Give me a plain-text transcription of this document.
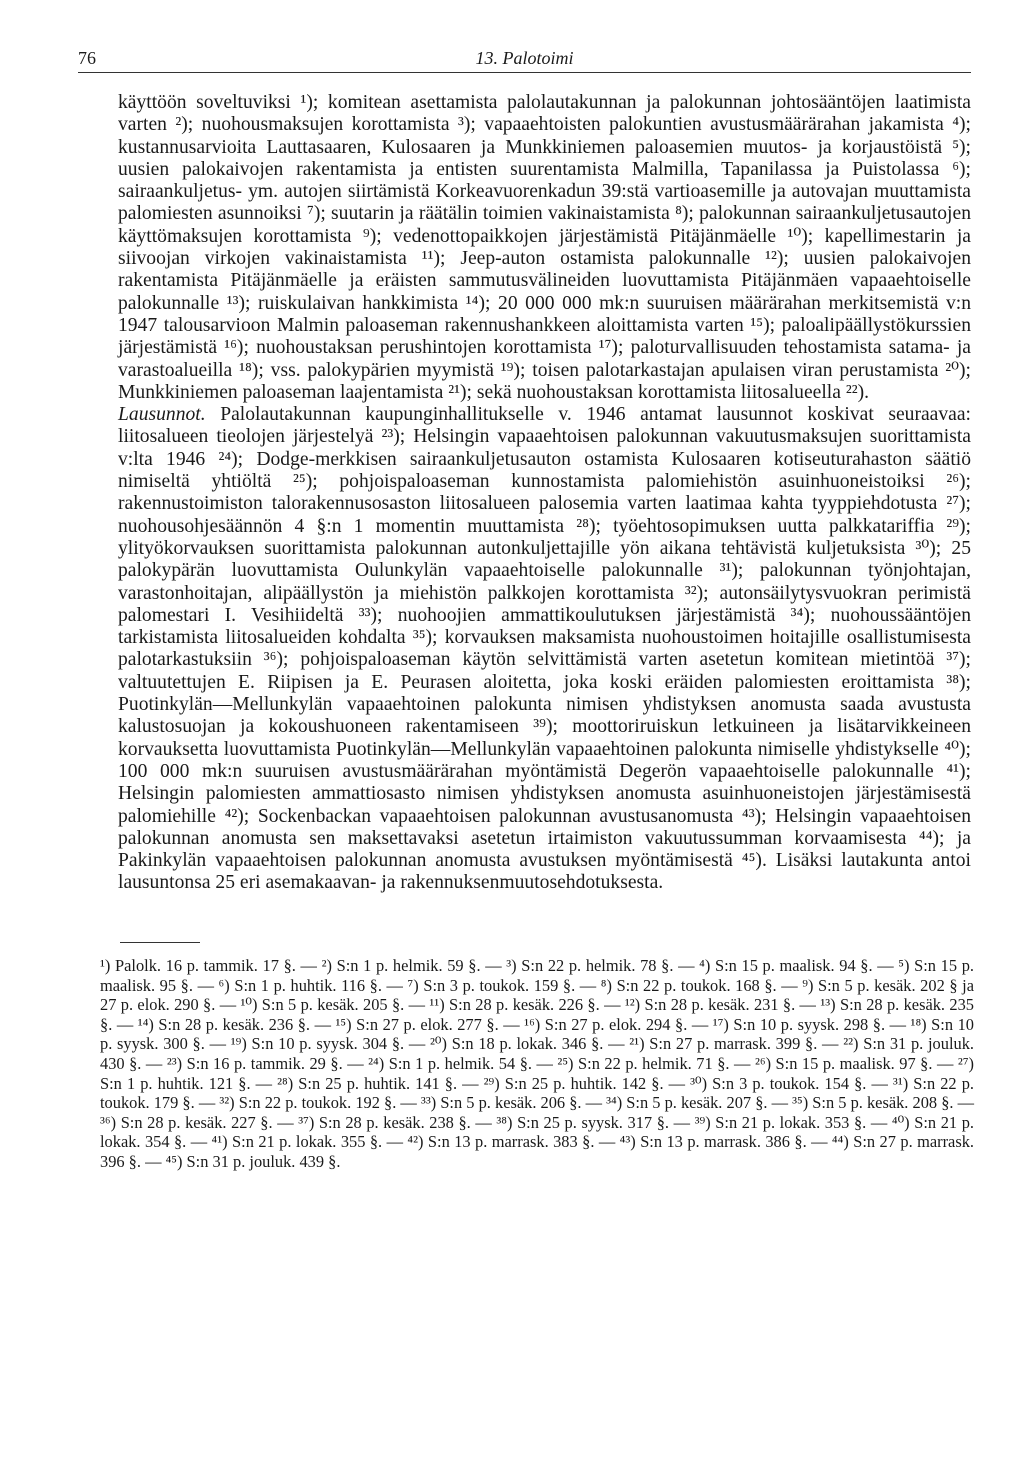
76	13. Palotoimi

käyttöön soveltuviksi ¹); komitean asettamista palolautakunnan ja palokunnan johtosääntöjen laatimista varten ²); nuohousmaksujen korottamista ³); vapaaehtoisten palokuntien avustusmäärärahan jakamista ⁴); kustannusarvioita Lauttasaaren, Kulosaaren ja Munkkiniemen paloasemien muutos- ja korjaustöistä ⁵); uusien palokaivojen rakentamista ja entisten suurentamista Malmilla, Tapanilassa ja Puistolassa ⁶); sairaankuljetus- ym. autojen siirtämistä Korkeavuorenkadun 39:stä vartioasemille ja autovajan muuttamista palomiesten asunnoiksi ⁷); suutarin ja räätälin toimien vakinaistamista ⁸); palokunnan sairaankuljetusautojen käyttömaksujen korottamista ⁹); vedenottopaikkojen järjestämistä Pitäjänmäelle ¹⁰); kapellimestarin ja siivoojan virkojen vakinaistamista ¹¹); Jeep-auton ostamista palokunnalle ¹²); uusien palokaivojen rakentamista Pitäjänmäelle ja eräisten sammutusvälineiden luovuttamista Pitäjänmäen vapaaehtoiselle palokunnalle ¹³); ruiskulaivan hankkimista ¹⁴); 20 000 000 mk:n suuruisen määrärahan merkitsemistä v:n 1947 talousarvioon Malmin paloaseman rakennushankkeen aloittamista varten ¹⁵); paloalipäällystökurssien järjestämistä ¹⁶); nuohoustaksan perushintojen korottamista ¹⁷); paloturvallisuuden tehostamista satama- ja varastoalueilla ¹⁸); vss. palokypärien myymistä ¹⁹); toisen palotarkastajan apulaisen viran perustamista ²⁰); Munkkiniemen paloaseman laajentamista ²¹); sekä nuohoustaksan korottamista liitosalueella ²²).

Lausunnot. Palolautakunnan kaupunginhallitukselle v. 1946 antamat lausunnot koskivat seuraavaa: liitosalueen tieolojen järjestelyä ²³); Helsingin vapaaehtoisen palokunnan vakuutusmaksujen suorittamista v:lta 1946 ²⁴); Dodge-merkkisen sairaankuljetusauton ostamista Kulosaaren kotiseuturahaston säätiö nimiseltä yhtiöltä ²⁵); pohjoispaloaseman kunnostamista palomiehistön asuinhuoneistoiksi ²⁶); rakennustoimiston talorakennusosaston liitosalueen palosemia varten laatimaa kahta tyyppiehdotusta ²⁷); nuohousohjesäännön 4 §:n 1 momentin muuttamista ²⁸); työehtosopimuksen uutta palkkatariffia ²⁹); ylityökorvauksen suorittamista palokunnan autonkuljettajille yön aikana tehtävistä kuljetuksista ³⁰); 25 palokypärän luovuttamista Oulunkylän vapaaehtoiselle palokunnalle ³¹); palokunnan työnjohtajan, varastonhoitajan, alipäällystön ja miehistön palkkojen korottamista ³²); autonsäilytysvuokran perimistä palomestari I. Vesihiideltä ³³); nuohoojien ammattikoulutuksen järjestämistä ³⁴); nuohoussääntöjen tarkistamista liitosalueiden kohdalta ³⁵); korvauksen maksamista nuohoustoimen hoitajille osallistumisesta palotarkastuksiin ³⁶); pohjoispaloaseman käytön selvittämistä varten asetetun komitean mietintöä ³⁷); valtuutettujen E. Riipisen ja E. Peurasen aloitetta, joka koski eräiden palomiesten eroittamista ³⁸); Puotinkylän—Mellunkylän vapaaehtoinen palokunta nimisen yhdistyksen anomusta saada avustusta kalustosuojan ja kokoushuoneen rakentamiseen ³⁹); moottoriruiskun letkuineen ja lisätarvikkeineen korvauksetta luovuttamista Puotinkylän—Mellunkylän vapaaehtoinen palokunta nimiselle yhdistykselle ⁴⁰); 100 000 mk:n suuruisen avustusmäärärahan myöntämistä Degerön vapaaehtoiselle palokunnalle ⁴¹); Helsingin palomiesten ammattiosasto nimisen yhdistyksen anomusta asuinhuoneistojen järjestämisestä palomiehille ⁴²); Sockenbackan vapaaehtoisen palokunnan avustusanomusta ⁴³); Helsingin vapaaehtoisen palokunnan anomusta sen maksettavaksi asetetun irtaimiston vakuutussumman korvaamisesta ⁴⁴); ja Pakinkylän vapaaehtoisen palokunnan anomusta avustuksen myöntämisestä ⁴⁵). Lisäksi lautakunta antoi lausuntonsa 25 eri asemakaavan- ja rakennuksenmuutosehdotuksesta.

¹) Palolk. 16 p. tammik. 17 §. — ²) S:n 1 p. helmik. 59 §. — ³) S:n 22 p. helmik. 78 §. — ⁴) S:n 15 p. maalisk. 94 §. — ⁵) S:n 15 p. maalisk. 95 §. — ⁶) S:n 1 p. huhtik. 116 §. — ⁷) S:n 3 p. toukok. 159 §. — ⁸) S:n 22 p. toukok. 168 §. — ⁹) S:n 5 p. kesäk. 202 § ja 27 p. elok. 290 §. — ¹⁰) S:n 5 p. kesäk. 205 §. — ¹¹) S:n 28 p. kesäk. 226 §. — ¹²) S:n 28 p. kesäk. 231 §. — ¹³) S:n 28 p. kesäk. 235 §. — ¹⁴) S:n 28 p. kesäk. 236 §. — ¹⁵) S:n 27 p. elok. 277 §. — ¹⁶) S:n 27 p. elok. 294 §. — ¹⁷) S:n 10 p. syysk. 298 §. — ¹⁸) S:n 10 p. syysk. 300 §. — ¹⁹) S:n 10 p. syysk. 304 §. — ²⁰) S:n 18 p. lokak. 346 §. — ²¹) S:n 27 p. marrask. 399 §. — ²²) S:n 31 p. jouluk. 430 §. — ²³) S:n 16 p. tammik. 29 §. — ²⁴) S:n 1 p. helmik. 54 §. — ²⁵) S:n 22 p. helmik. 71 §. — ²⁶) S:n 15 p. maalisk. 97 §. — ²⁷) S:n 1 p. huhtik. 121 §. — ²⁸) S:n 25 p. huhtik. 141 §. — ²⁹) S:n 25 p. huhtik. 142 §. — ³⁰) S:n 3 p. toukok. 154 §. — ³¹) S:n 22 p. toukok. 179 §. — ³²) S:n 22 p. toukok. 192 §. — ³³) S:n 5 p. kesäk. 206 §. — ³⁴) S:n 5 p. kesäk. 207 §. — ³⁵) S:n 5 p. kesäk. 208 §. — ³⁶) S:n 28 p. kesäk. 227 §. — ³⁷) S:n 28 p. kesäk. 238 §. — ³⁸) S:n 25 p. syysk. 317 §. — ³⁹) S:n 21 p. lokak. 353 §. — ⁴⁰) S:n 21 p. lokak. 354 §. — ⁴¹) S:n 21 p. lokak. 355 §. — ⁴²) S:n 13 p. marrask. 383 §. — ⁴³) S:n 13 p. marrask. 386 §. — ⁴⁴) S:n 27 p. marrask. 396 §. — ⁴⁵) S:n 31 p. jouluk. 439 §.
